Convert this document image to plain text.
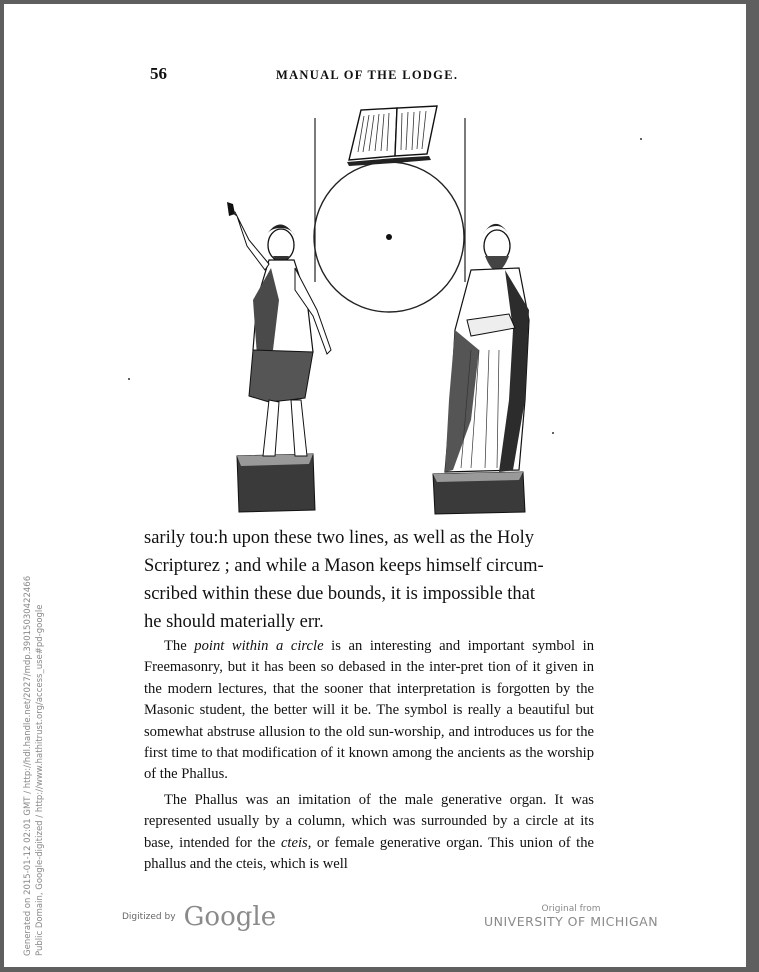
Generated on 2015-01-12 02:01 GMT / http://hdl.handle.net/2027/mdp.39015030422466 Public Domain, Google-digitized / http://www.hathitrust.org/access_use#pd-google
56	MANUAL OF THE LODGE.
sarily tou:h upon these two lines, as well as the Holy
Scripturez ; and while a Mason keeps himself circum-
scribed within these due bounds, it is impossible that
he should materially err.

The point within a circle is an interesting and important symbol in Freemasonry, but it has been so debased in the inter-pret tion of it given in the modern lectures, that the sooner that interpretation is forgotten by the Masonic student, the better will it be. The symbol is really a beautiful but somewhat abstruse allusion to the old sun-worship, and introduces us for the first time to that modification of it known among the ancients as the worship of the Phallus.

The Phallus was an imitation of the male generative organ. It was represented usually by a column, which was surrounded by a circle at its base, intended for the cteis, or female generative organ. This union of the phallus and the cteis, which is well

$^{Digitized by}$ Google	Original from
UNIVERSITY OF MICHIGAN
